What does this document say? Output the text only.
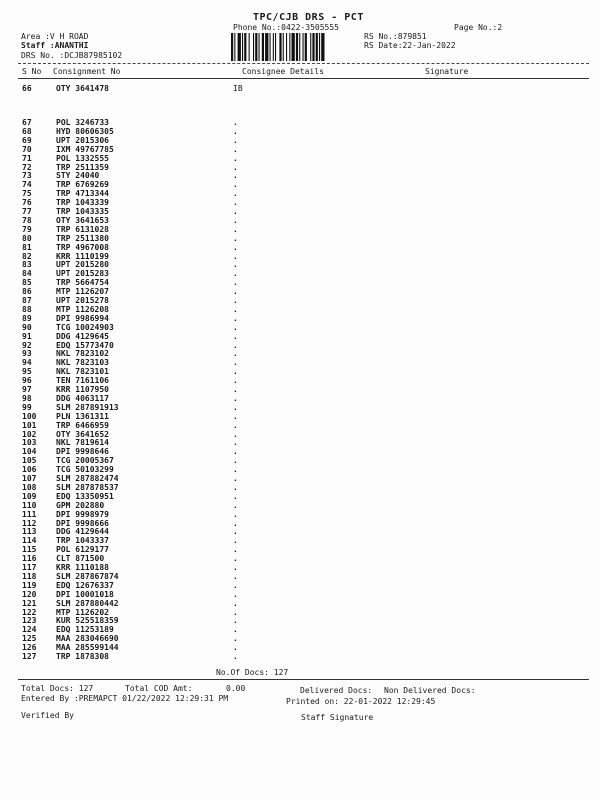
TPC/CJB DRS - PCT
Phone No.:0422-3505555	Page No.:2
Area :V H ROAD
Staff :ANANTHI
DRS No. :DCJB87985102
RS No.:879851
RS Date:22-Jan-2022
S No Consignment No	Consignee Details	Signature
66	OTY 3641478	IB
67	POL 3246733	.
68	HYD 80606305	.
69	UPT 2015306	.
70	IXM 49767785	.
71	POL 1332555	.
72	TRP 2511359	.
73	STY 24040	.
74	TRP 6769269	.
75	TRP 4713344	.
76	TRP 1043339	.
77	TRP 1043335	.
78	OTY 3641653	.
79	TRP 6131028	.
80	TRP 2511380	.
81	TRP 4967008	.
82	KRR 1110199	.
83	UPT 2015280	.
84	UPT 2015283	.
85	TRP 5664754	.
86	MTP 1126207	.
87	UPT 2015278	.
88	MTP 1126208	.
89	DPI 9986994	.
90	TCG 10024903	.
91	DDG 4129645	.
92	EDQ 15773470	.
93	NKL 7823102	.
94	NKL 7823103	.
95	NKL 7823101	.
96	TEN 7161106	.
97	KRR 1107950	.
98	DDG 4063117	.
99	SLM 287891913	.
100 PLN 1361311	.
101 TRP 6466959	.
102 OTY 3641652	.
103 NKL 7819614	.
104 DPI 9998646	.
105 TCG 20005367	.
106 TCG 50103299	.
107 SLM 287882474	.
108 SLM 287878537	.
109 EDQ 13350951	.
110 GPM 202880	.
111 DPI 9998979	.
112 DPI 9998666	.
113 DDG 4129644	.
114 TRP 1043337	.
115 POL 6129177	.
116 CLT 871500	.
117 KRR 1110188	.
118 SLM 287867874	.
119 EDQ 12676337	.
120 DPI 10001018	.
121 SLM 287880442	.
122 MTP 1126202	.
123 KUR 525518359	.
124 EDQ 11253189	.
125 MAA 283046690	.
126 MAA 285599144	.
127 TRP 1878308	.
No.Of Docs: 127
Total Docs: 127	Total COD Amt:	0.00	Delivered Docs: Non Delivered Docs:
Entered By :PREMAPCT 01/22/2022 12:29:31 PM	Printed on: 22-01-2022 12:29:45
Verified By	Staff Signature
